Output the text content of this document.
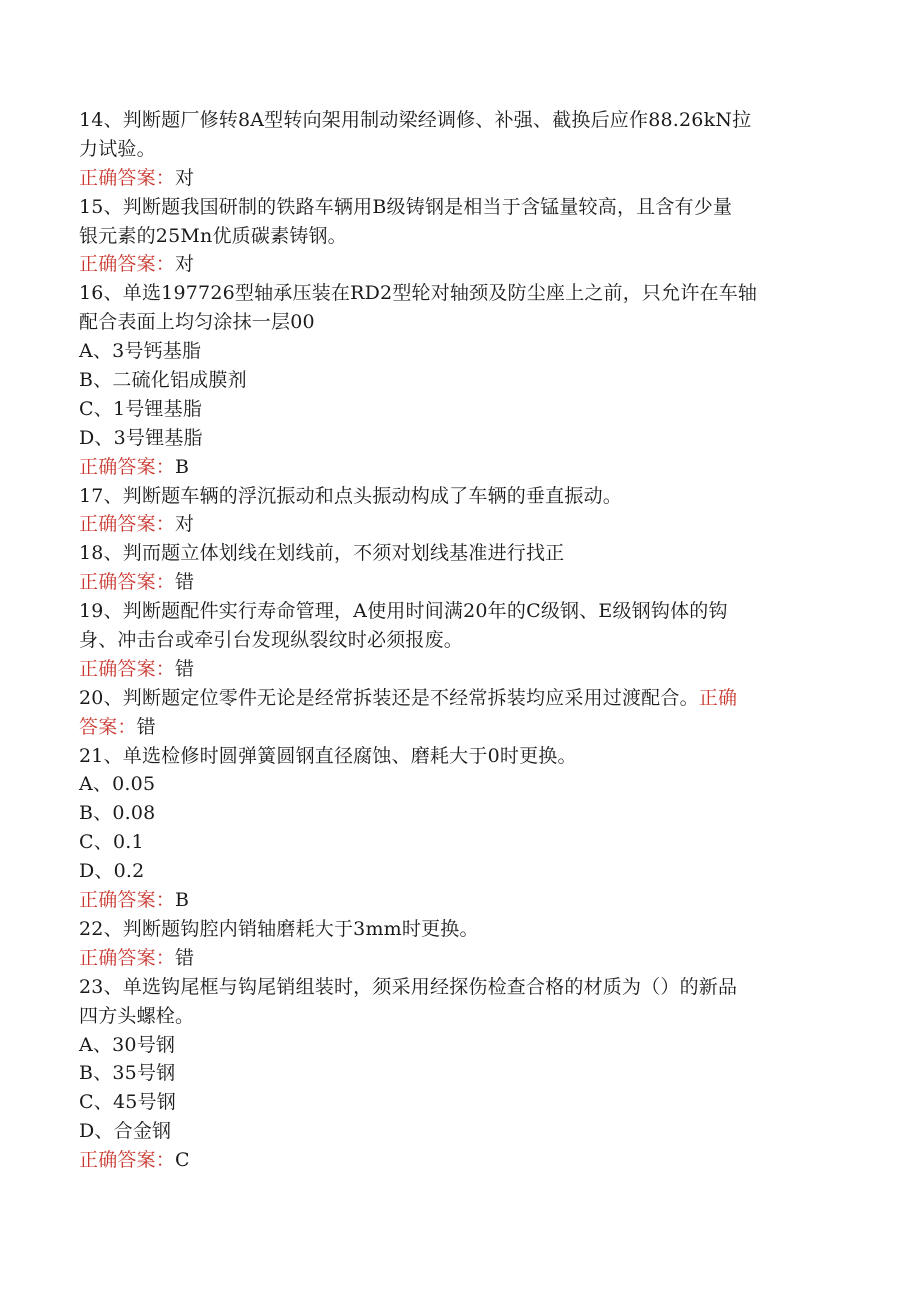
14、判断题厂修转8A型转向架用制动梁经调修、补强、截换后应作88.26kN拉
力试验。
正确答案：对
15、判断题我国研制的铁路车辆用B级铸钢是相当于含锰量较高，且含有少量
银元素的25Mn优质碳素铸钢。
正确答案：对
16、单选197726型轴承压装在RD2型轮对轴颈及防尘座上之前，只允许在车轴
配合表面上均匀涂抹一层00
A、3号钙基脂
B、二硫化铝成膜剂
C、1号锂基脂
D、3号锂基脂
正确答案：B
17、判断题车辆的浮沉振动和点头振动构成了车辆的垂直振动。
正确答案：对
18、判而题立体划线在划线前，不须对划线基准进行找正
正确答案：错
19、判断题配件实行寿命管理，A使用时间满20年的C级钢、E级钢钩体的钩
身、冲击台或牵引台发现纵裂纹时必须报废。
正确答案：错
20、判断题定位零件无论是经常拆装还是不经常拆装均应采用过渡配合。正确
答案：错
21、单选检修时圆弹簧圆钢直径腐蚀、磨耗大于0时更换。
A、0.05
B、0.08
C、0.1
D、0.2
正确答案：B
22、判断题钩腔内销轴磨耗大于3mm时更换。
正确答案：错
23、单选钩尾框与钩尾销组装时，须采用经探伤检查合格的材质为（）的新品
四方头螺栓。
A、30号钢
B、35号钢
C、45号钢
D、合金钢
正确答案：C
